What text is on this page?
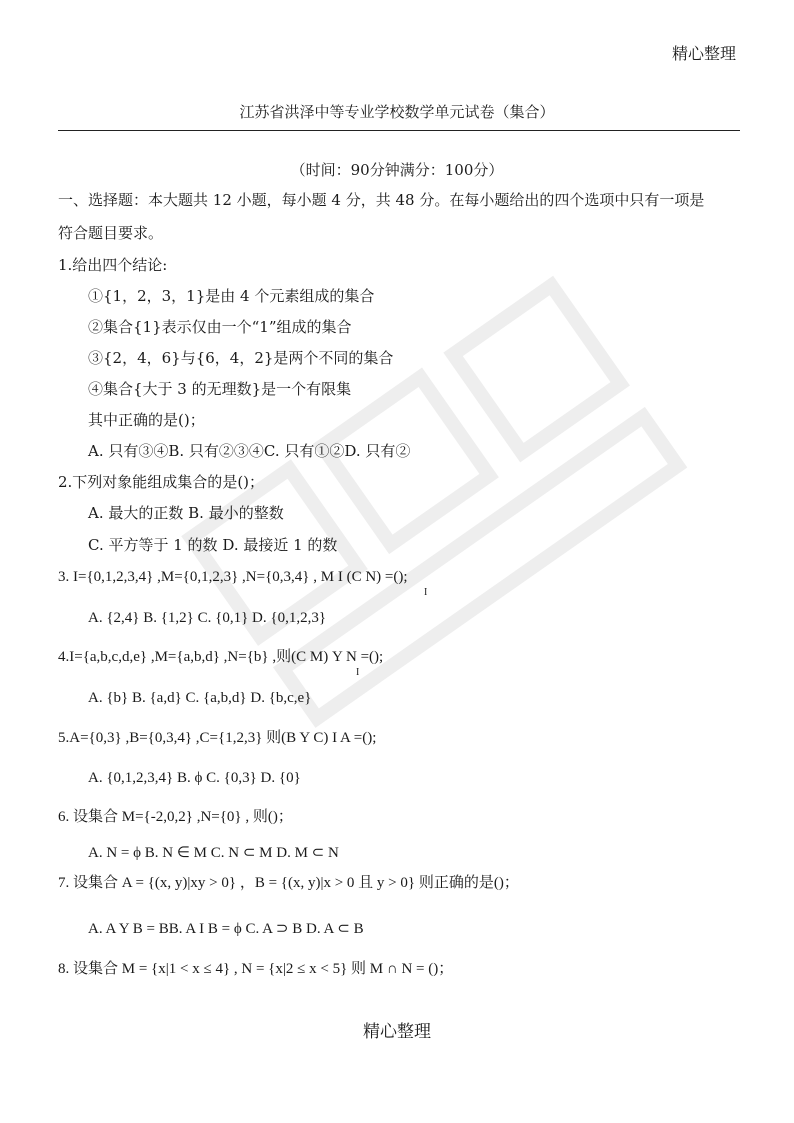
精心整理
江苏省洪泽中等专业学校数学单元试卷（集合）
（时间：90分钟满分：100分）
一、选择题：本大题共 12 小题，每小题 4 分，共 48 分。在每小题给出的四个选项中只有一项是
符合题目要求。
1.给出四个结论:
①{1，2，3，1}是由 4 个元素组成的集合
②集合{1}表示仅由一个“1”组成的集合
③{2，4，6}与{6，4，2}是两个不同的集合
④集合{大于 3 的无理数}是一个有限集
其中正确的是()；
A. 只有③④B. 只有②③④C. 只有①②D. 只有②
2.下列对象能组成集合的是()；
A. 最大的正数 B. 最小的整数
C. 平方等于 1 的数 D. 最接近 1 的数
3. I={0,1,2,3,4} ,M={0,1,2,3} ,N={0,3,4} , M I (C N) =();
I
A. {2,4} B. {1,2} C. {0,1} D. {0,1,2,3}
4.I={a,b,c,d,e} ,M={a,b,d} ,N={b} ,则(C M) Y N =();
I
A. {b} B. {a,d} C. {a,b,d} D. {b,c,e}
5.A={0,3} ,B={0,3,4} ,C={1,2,3} 则(B Y C) I A =();
A. {0,1,2,3,4} B. ϕ C. {0,3} D. {0}
6. 设集合 M={-2,0,2} ,N={0} , 则()；
A. N = ϕ B. N ∈ M C. N ⊂ M D. M ⊂ N
7. 设集合 A = {(x, y)|xy > 0} ，B = {(x, y)|x > 0 且 y > 0} 则正确的是()；
A. A Y B = BB. A I B = ϕ C. A ⊃ B D. A ⊂ B
8. 设集合 M = {x|1 < x ≤ 4} , N = {x|2 ≤ x < 5} 则 M ∩ N = ()；
精心整理
